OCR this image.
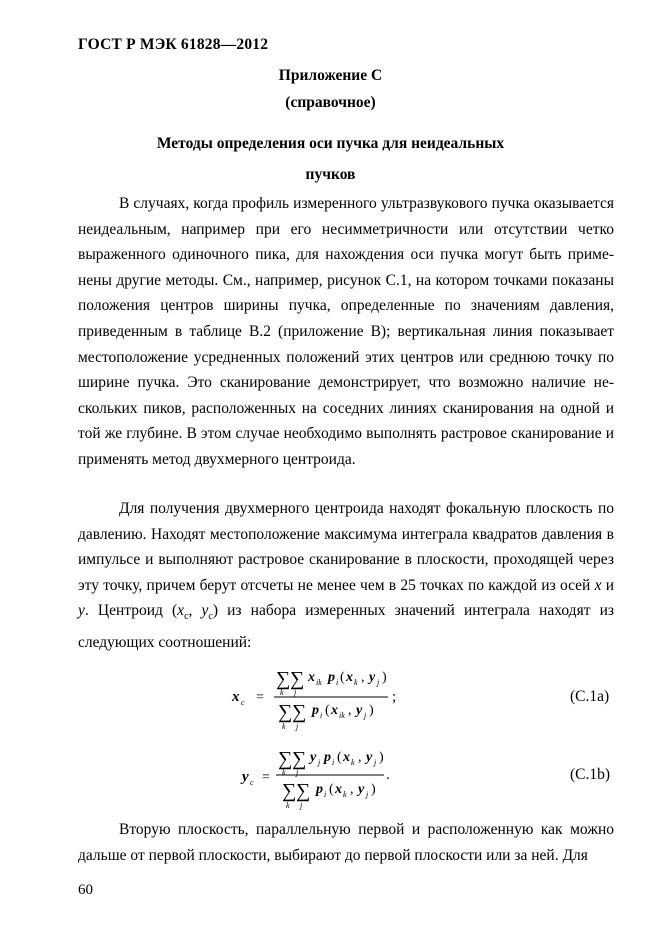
ГОСТ Р МЭК 61828—2012
Приложение С
(справочное)
Методы определения оси пучка для неидеальных
пучков

В случаях, когда профиль измеренного ультразвукового пучка оказывается неидеальным, например при его несимметричности или отсутствии четко выраженного одиночного пика, для нахождения оси пучка могут быть применены другие методы. См., например, рисунок С.1, на котором точками показаны положения центров ширины пучка, определенные по значениям давления, приведенным в таблице В.2 (приложение В); вертикальная линия показывает местоположение усредненных положений этих центров или среднюю точку по ширине пучка. Это сканирование демонстрирует, что возможно наличие нескольких пиков, расположенных на соседних линиях сканирования на одной и той же глубине. В этом случае необходимо выполнять растровое сканирование и применять метод двухмерного центроида.

Для получения двухмерного центроида находят фокальную плоскость по давлению. Находят местоположение максимума интеграла квадратов давления в импульсе и выполняют растровое сканирование в плоскости, проходящей через эту точку, причем берут отсчеты не менее чем в 25 точках по каждой из осей x и y. Центроид ($x_c$, $y_c$) из набора измеренных значений интеграла находят из следующих соотношений:

x c =
∑
k
∑
j
x ik p i ( x k , y j )
∑
k
∑
j
p i ( x ik , y j )
;	(С.1а)
y c =
∑
k
∑
j
y j p i ( x k , y j )
∑
k
∑
j
p i ( x k , y j )
.	(С.1b)

Вторую плоскость, параллельную первой и расположенную как можно дальше от первой плоскости, выбирают до первой плоскости или за ней. Для

60
